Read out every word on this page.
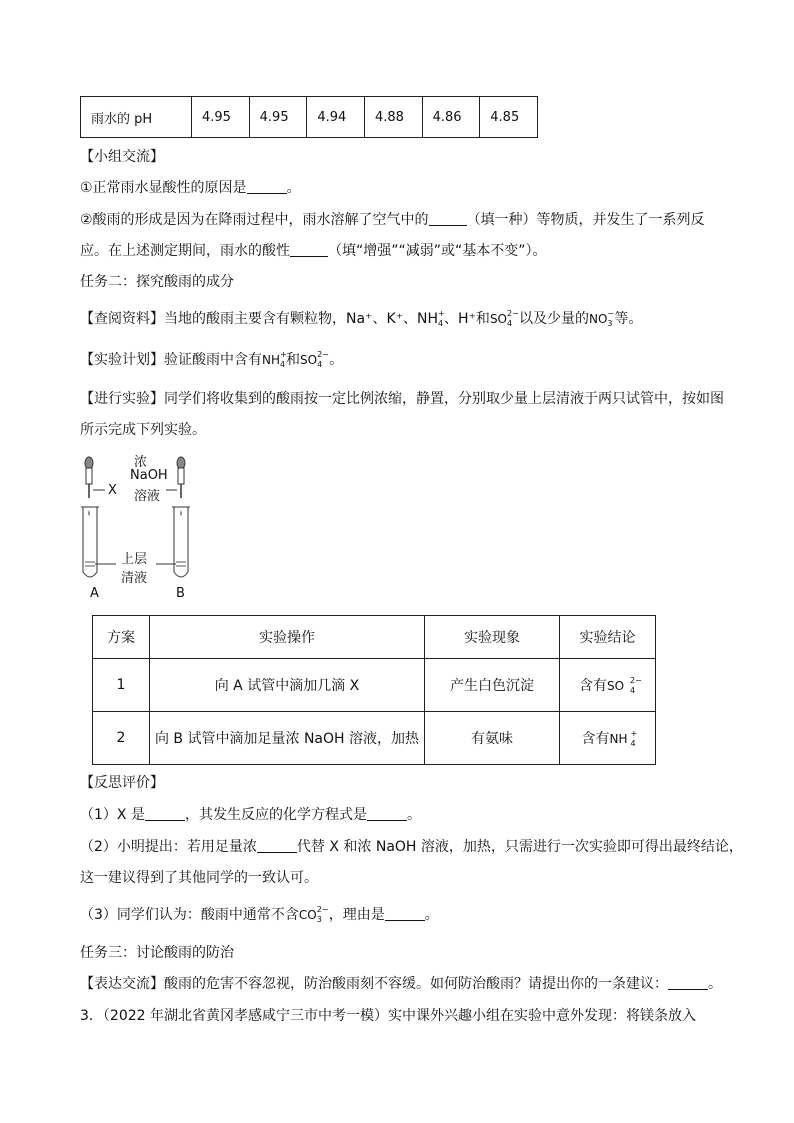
雨水的 pH	4.95	4.95	4.94	4.88	4.86	4.85
【小组交流】
①正常雨水显酸性的原因是	。
②酸雨的形成是因为在降雨过程中，雨水溶解了空气中的	（填一种）等物质，并发生了一系列反
应。在上述测定期间，雨水的酸性	（填“增强”“减弱”或“基本不变”）。
任务二：探究酸雨的成分
【查阅资料】当地的酸雨主要含有颗粒物，Na⁺、K⁺、NH +
4 、H⁺和SO 2−
4 以及少量的NO −
3 等。
【实验计划】验证酸雨中含有NH +
4 和SO 2−
4 。
【进行实验】同学们将收集到的酸雨按一定比例浓缩，静置，分别取少量上层清液于两只试管中，按如图
所示完成下列实验。
X
浓
NaOH
溶液
上层
清液
A	B
方案	实验操作	实验现象	实验结论
1	向 A 试管中滴加几滴 X	产生白色沉淀	含有SO 2−
4

2	向 B 试管中滴加足量浓 NaOH 溶液，加热	有氨味	含有NH +
4
【反思评价】
（1）X 是	，其发生反应的化学方程式是	。
（2）小明提出：若用足量浓	代替 X 和浓 NaOH 溶液，加热，只需进行一次实验即可得出最终结论，
这一建议得到了其他同学的一致认可。
（3）同学们认为：酸雨中通常不含CO 2−
3 ，理由是	。
任务三：讨论酸雨的防治
【表达交流】酸雨的危害不容忽视，防治酸雨刻不容缓。如何防治酸雨？请提出你的一条建议：	。
3．（2022 年湖北省黄冈孝感咸宁三市中考一模）实中课外兴趣小组在实验中意外发现：将镁条放入
